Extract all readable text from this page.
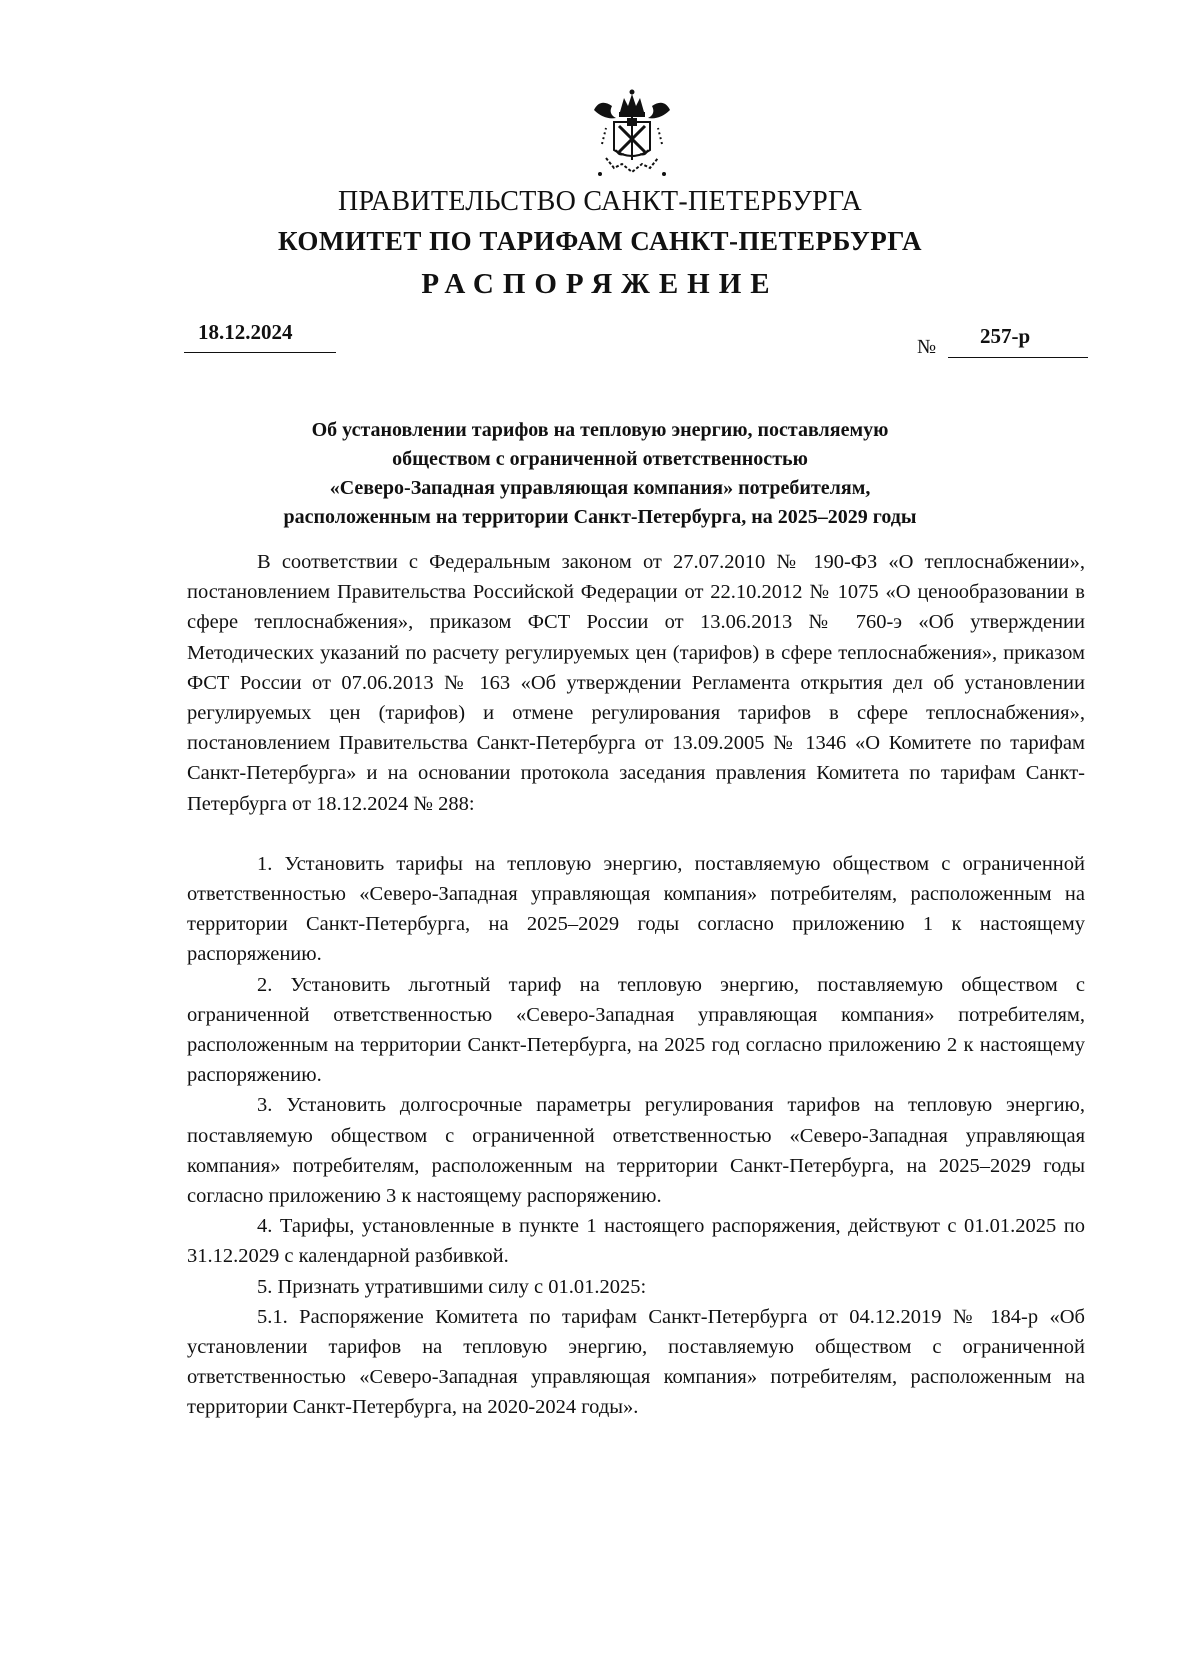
ПРАВИТЕЛЬСТВО САНКТ-ПЕТЕРБУРГА
КОМИТЕТ ПО ТАРИФАМ САНКТ-ПЕТЕРБУРГА
РАСПОРЯЖЕНИЕ
18.12.2024
№ 257-р
Об установлении тарифов на тепловую энергию, поставляемую
обществом с ограниченной ответственностью
«Северо-Западная управляющая компания» потребителям,
расположенным на территории Санкт-Петербурга, на 2025–2029 годы

В соответствии с Федеральным законом от 27.07.2010 № 190-ФЗ «О теплоснабжении», постановлением Правительства Российской Федерации от 22.10.2012 № 1075 «О ценообразовании в сфере теплоснабжения», приказом ФСТ России от 13.06.2013 № 760-э «Об утверждении Методических указаний по расчету регулируемых цен (тарифов) в сфере теплоснабжения», приказом ФСТ России от 07.06.2013 № 163 «Об утверждении Регламента открытия дел об установлении регулируемых цен (тарифов) и отмене регулирования тарифов в сфере теплоснабжения», постановлением Правительства Санкт-Петербурга от 13.09.2005 № 1346 «О Комитете по тарифам Санкт-Петербурга» и на основании протокола заседания правления Комитета по тарифам Санкт-Петербурга от 18.12.2024 № 288:

1. Установить тарифы на тепловую энергию, поставляемую обществом с ограниченной ответственностью «Северо-Западная управляющая компания» потребителям, расположенным на территории Санкт-Петербурга, на 2025–2029 годы согласно приложению 1 к настоящему распоряжению.

2. Установить льготный тариф на тепловую энергию, поставляемую обществом с ограниченной ответственностью «Северо-Западная управляющая компания» потребителям, расположенным на территории Санкт-Петербурга, на 2025 год согласно приложению 2 к настоящему распоряжению.

3. Установить долгосрочные параметры регулирования тарифов на тепловую энергию, поставляемую обществом с ограниченной ответственностью «Северо-Западная управляющая компания» потребителям, расположенным на территории Санкт-Петербурга, на 2025–2029 годы согласно приложению 3 к настоящему распоряжению.

4. Тарифы, установленные в пункте 1 настоящего распоряжения, действуют с 01.01.2025 по 31.12.2029 с календарной разбивкой.

5. Признать утратившими силу с 01.01.2025:

5.1. Распоряжение Комитета по тарифам Санкт-Петербурга от 04.12.2019 № 184-р «Об установлении тарифов на тепловую энергию, поставляемую обществом с ограниченной ответственностью «Северо-Западная управляющая компания» потребителям, расположенным на территории Санкт-Петербурга, на 2020-2024 годы».
